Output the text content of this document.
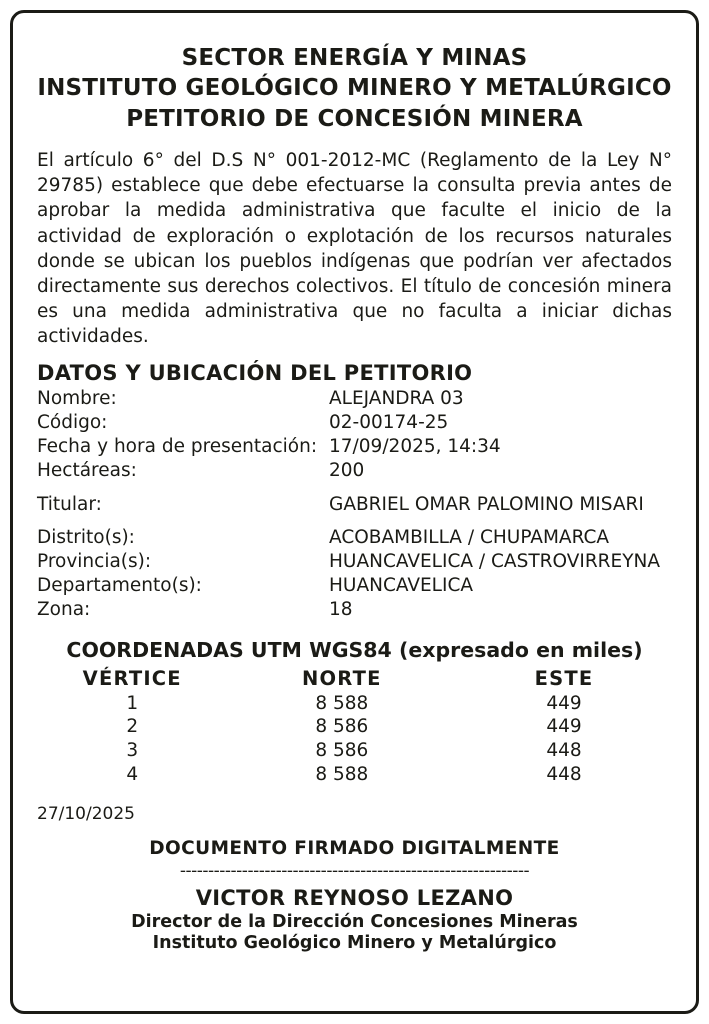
SECTOR ENERGÍA Y MINAS
INSTITUTO GEOLÓGICO MINERO Y METALÚRGICO
PETITORIO DE CONCESIÓN MINERA
El artículo 6° del D.S N° 001-2012-MC (Reglamento de la Ley N° 29785) establece que debe efectuarse la consulta previa antes de aprobar la medida administrativa que faculte el inicio de la actividad de exploración o explotación de los recursos naturales donde se ubican los pueblos indígenas que podrían ver afectados directamente sus derechos colectivos. El título de concesión minera es una medida administrativa que no faculta a iniciar dichas actividades.
DATOS Y UBICACIÓN DEL PETITORIO
Nombre:	ALEJANDRA 03
Código:	02-00174-25
Fecha y hora de presentación: 17/09/2025, 14:34
Hectáreas:	200
Titular:	GABRIEL OMAR PALOMINO MISARI
Distrito(s):	ACOBAMBILLA / CHUPAMARCA
Provincia(s):	HUANCAVELICA / CASTROVIRREYNA
Departamento(s):	HUANCAVELICA
Zona:	18
COORDENADAS UTM WGS84 (expresado en miles)
VÉRTICE	NORTE	ESTE
1	8 588	449
2	8 586	449
3	8 586	448
4	8 588	448
27/10/2025
DOCUMENTO FIRMADO DIGITALMENTE
--------------------------------------------------------------
VICTOR REYNOSO LEZANO
Director de la Dirección Concesiones Mineras
Instituto Geológico Minero y Metalúrgico
